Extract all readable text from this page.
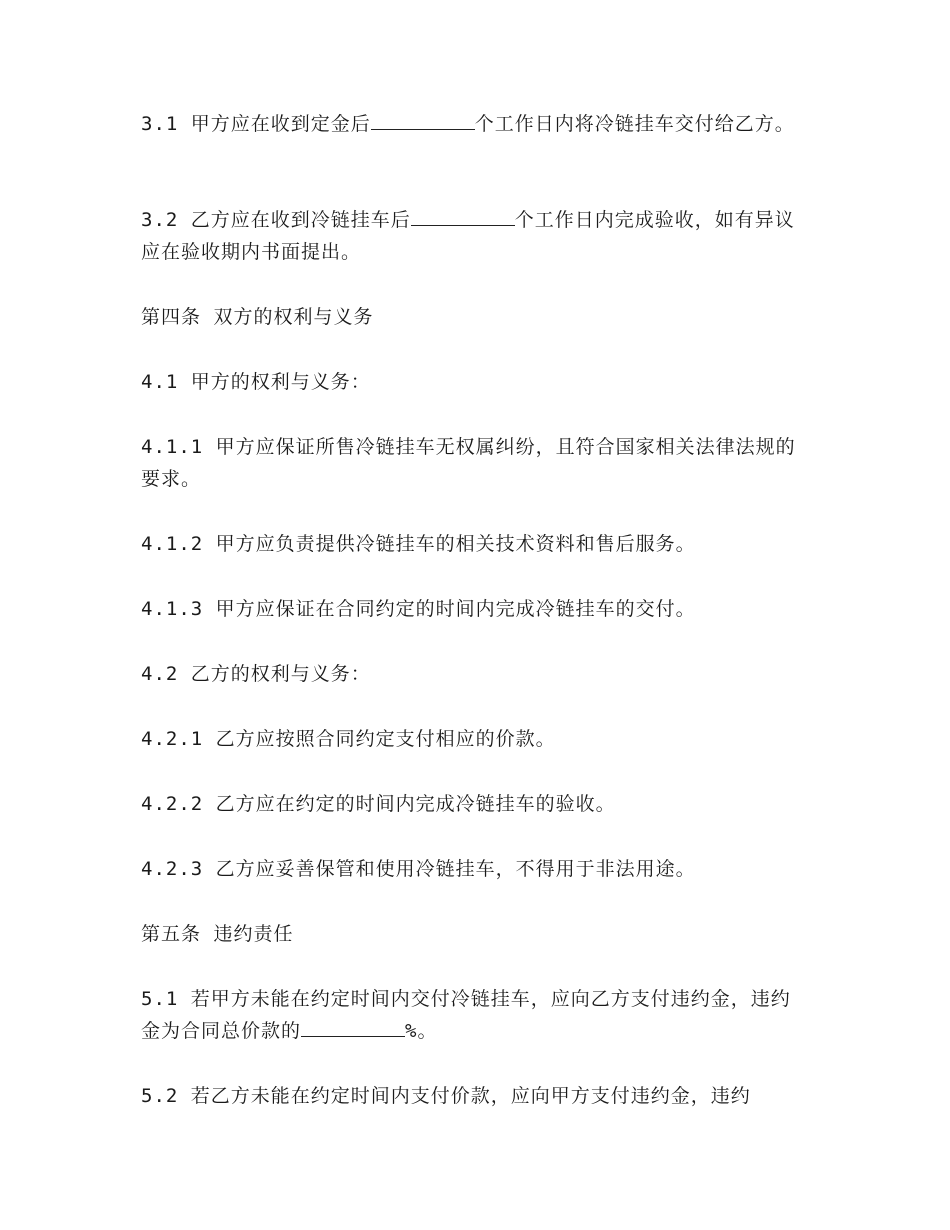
3.1 甲方应在收到定金后	个工作日内将冷链挂车交付给乙方。
3.2 乙方应在收到冷链挂车后	个工作日内完成验收，如有异议应在验收期内书面提出。
第四条 双方的权利与义务
4.1 甲方的权利与义务：
4.1.1 甲方应保证所售冷链挂车无权属纠纷，且符合国家相关法律法规的要求。
4.1.2 甲方应负责提供冷链挂车的相关技术资料和售后服务。
4.1.3 甲方应保证在合同约定的时间内完成冷链挂车的交付。
4.2 乙方的权利与义务：
4.2.1 乙方应按照合同约定支付相应的价款。
4.2.2 乙方应在约定的时间内完成冷链挂车的验收。
4.2.3 乙方应妥善保管和使用冷链挂车，不得用于非法用途。
第五条 违约责任
5.1 若甲方未能在约定时间内交付冷链挂车，应向乙方支付违约金，违约金为合同总价款的	%。
5.2 若乙方未能在约定时间内支付价款，应向甲方支付违约金，违约
